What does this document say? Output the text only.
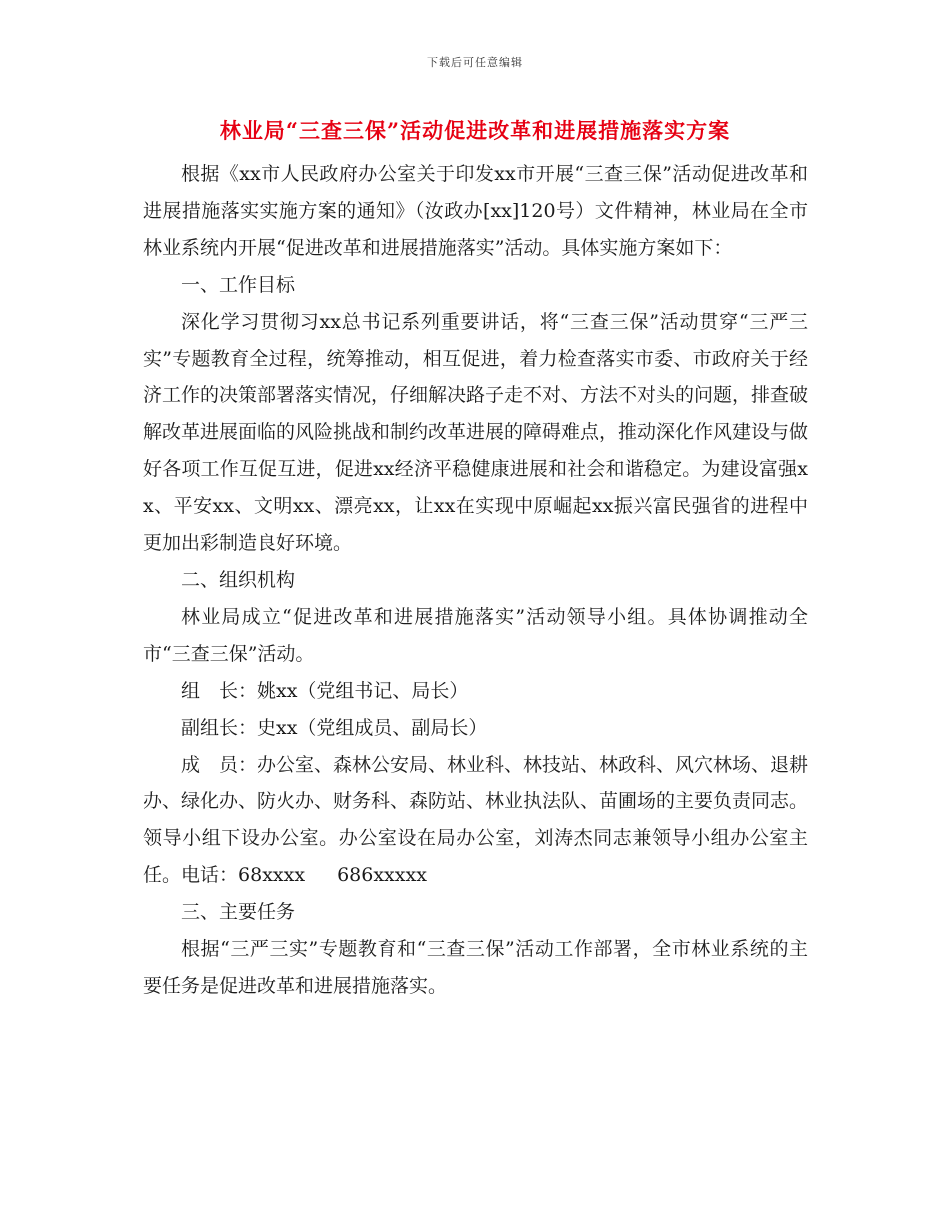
下载后可任意编辑
林业局“三查三保”活动促进改革和进展措施落实方案

根据《xx市人民政府办公室关于印发xx市开展“三查三保”活动促进改革和进展措施落实实施方案的通知》（汝政办[xx]120号）文件精神，林业局在全市林业系统内开展“促进改革和进展措施落实”活动。具体实施方案如下：

一、工作目标

深化学习贯彻习xx总书记系列重要讲话，将“三查三保”活动贯穿“三严三实”专题教育全过程，统筹推动，相互促进，着力检查落实市委、市政府关于经济工作的决策部署落实情况，仔细解决路子走不对、方法不对头的问题，排查破解改革进展面临的风险挑战和制约改革进展的障碍难点，推动深化作风建设与做好各项工作互促互进，促进xx经济平稳健康进展和社会和谐稳定。为建设富强xx、平安xx、文明xx、漂亮xx，让xx在实现中原崛起xx振兴富民强省的进程中更加出彩制造良好环境。

二、组织机构

林业局成立“促进改革和进展措施落实”活动领导小组。具体协调推动全市“三查三保”活动。

组　长：姚xx（党组书记、局长）

副组长：史xx（党组成员、副局长）

成　员：办公室、森林公安局、林业科、林技站、林政科、风穴林场、退耕办、绿化办、防火办、财务科、森防站、林业执法队、苗圃场的主要负责同志。领导小组下设办公室。办公室设在局办公室，刘涛杰同志兼领导小组办公室主任。电话：68xxxx 686xxxxx

三、主要任务

根据“三严三实”专题教育和“三查三保”活动工作部署，全市林业系统的主要任务是促进改革和进展措施落实。
